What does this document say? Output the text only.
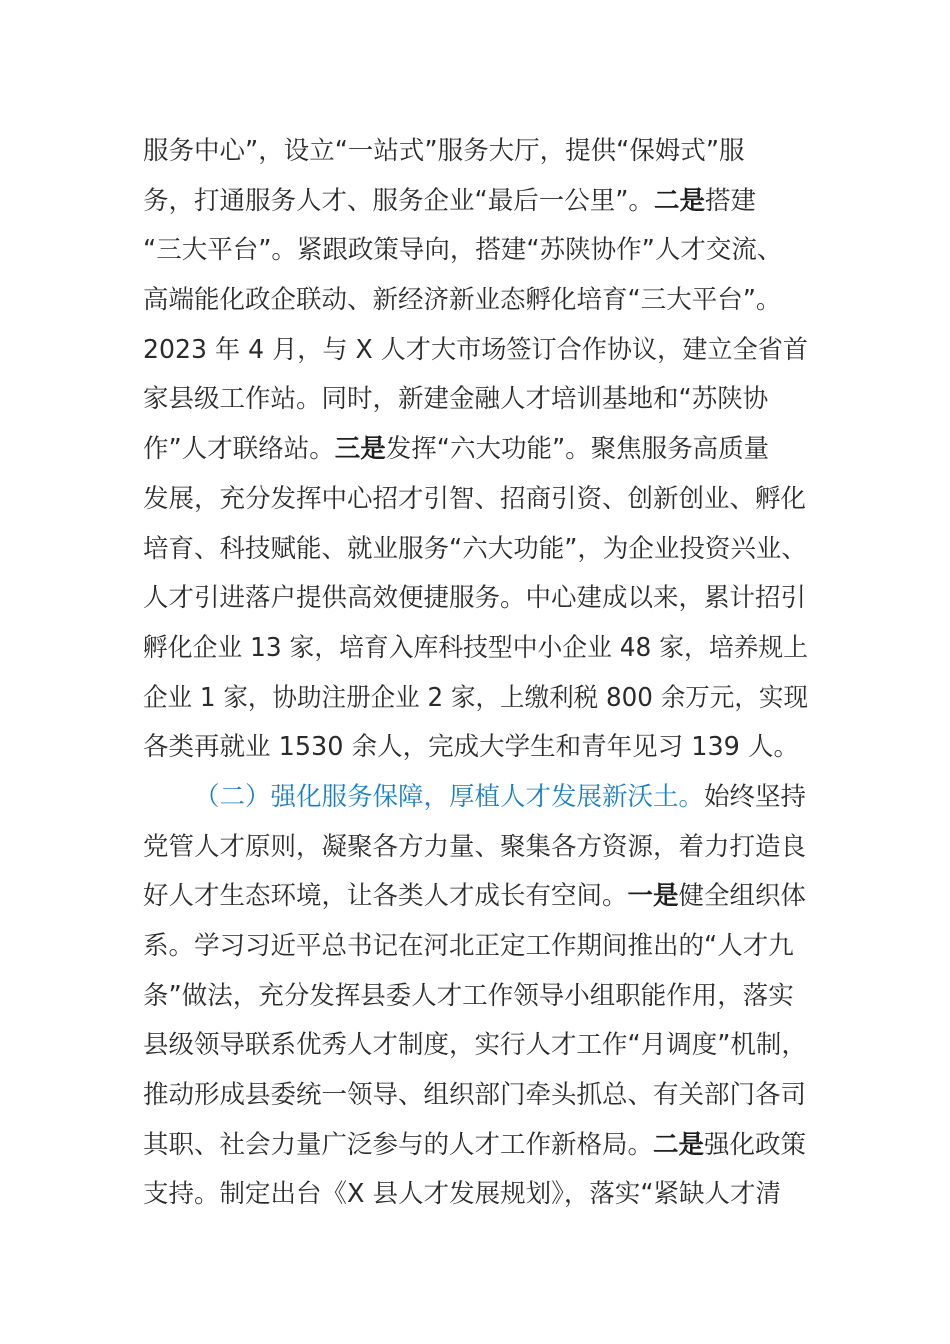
服务中心”，设立“一站式”服务大厅，提供“保姆式”服
务，打通服务人才、服务企业“最后一公里”。二是搭建
“三大平台”。紧跟政策导向，搭建“苏陕协作”人才交流、
高端能化政企联动、新经济新业态孵化培育“三大平台”。
2023 年 4 月，与 X 人才大市场签订合作协议，建立全省首
家县级工作站。同时，新建金融人才培训基地和“苏陕协
作”人才联络站。三是发挥“六大功能”。聚焦服务高质量
发展，充分发挥中心招才引智、招商引资、创新创业、孵化
培育、科技赋能、就业服务“六大功能”，为企业投资兴业、
人才引进落户提供高效便捷服务。中心建成以来，累计招引
孵化企业 13 家，培育入库科技型中小企业 48 家，培养规上
企业 1 家，协助注册企业 2 家，上缴利税 800 余万元，实现
各类再就业 1530 余人，完成大学生和青年见习 139 人。
（二）强化服务保障，厚植人才发展新沃土。始终坚持
党管人才原则，凝聚各方力量、聚集各方资源，着力打造良
好人才生态环境，让各类人才成长有空间。一是健全组织体
系。学习习近平总书记在河北正定工作期间推出的“人才九
条”做法，充分发挥县委人才工作领导小组职能作用，落实
县级领导联系优秀人才制度，实行人才工作“月调度”机制，
推动形成县委统一领导、组织部门牵头抓总、有关部门各司
其职、社会力量广泛参与的人才工作新格局。二是强化政策
支持。制定出台《X 县人才发展规划》，落实“紧缺人才清
